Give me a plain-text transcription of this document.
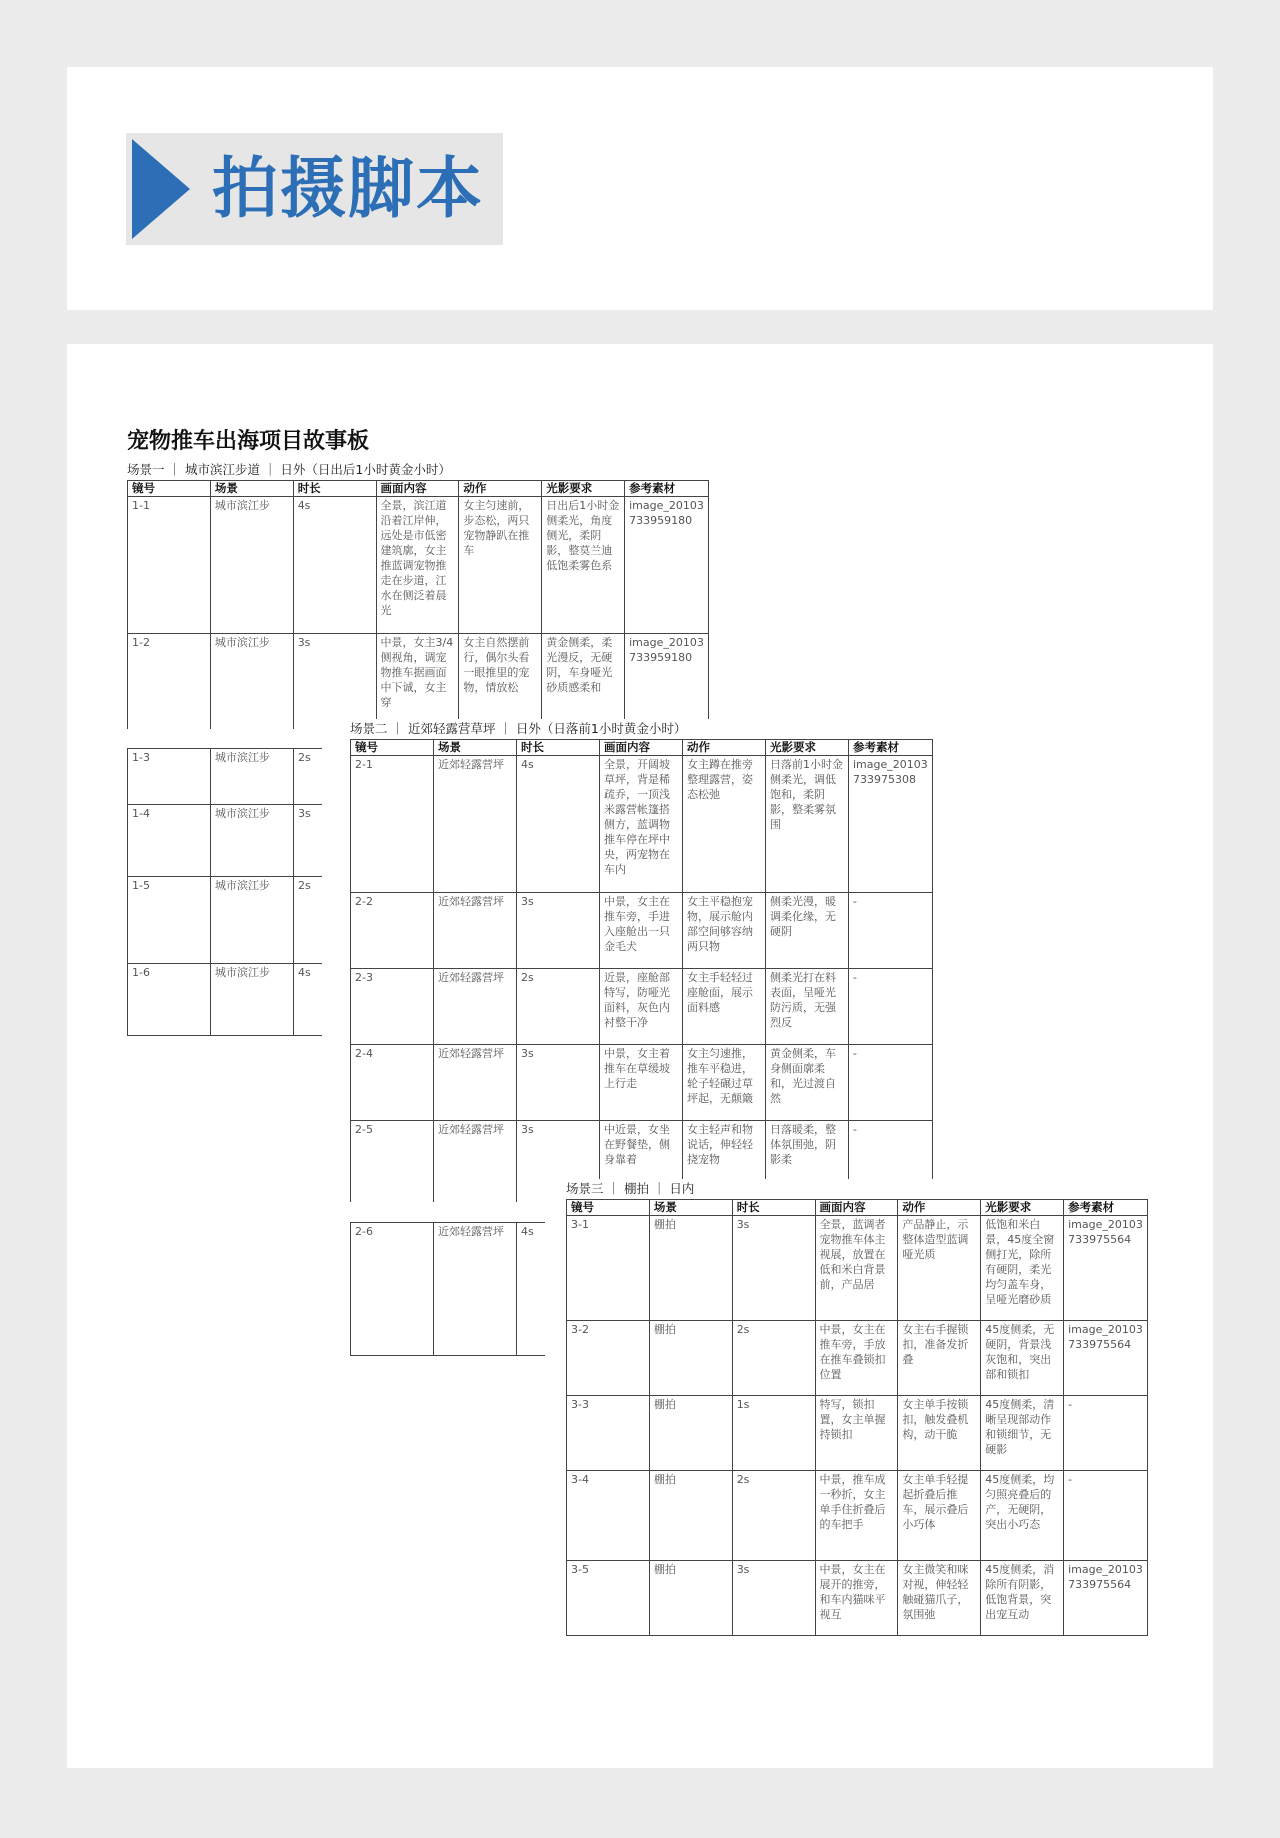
拍摄脚本
宠物推车出海项目故事板
场景一 ｜ 城市滨江步道 ｜ 日外（日出后1小时黄金小时）
镜号	场景	时长	画面内容	动作	光影要求	参考素材

1-1	城市滨江步	4s	全景，滨江道沿着江岸伸，远处是市低密建筑廓，女主推蓝调宠物推走在步道，江水在侧泛着晨光	女主匀速前，步态松，两只宠物静趴在推车	日出后1小时金侧柔光，角度侧光，柔阴影，整莫兰迪低饱柔雾色系	image_20103733959180

1-2	城市滨江步	3s	中景，女主3/4侧视角，调宠物推车据画面中下诚，女主穿	女主自然摆前行，偶尔头看一眼推里的宠物，情放松	黄金侧柔，柔光漫反，无硬阴，车身哑光砂质感柔和	image_20103733959180
1-3	城市滨江步	2s

1-4	城市滨江步	3s

1-5	城市滨江步	2s

1-6	城市滨江步	4s
场景二 ｜ 近郊轻露营草坪 ｜ 日外（日落前1小时黄金小时）
镜号	场景	时长	画面内容	动作	光影要求	参考素材

2-1	近郊轻露营坪	4s	全景，开阔坡草坪，背是稀疏乔，一顶浅米露营帐篷搭侧方，蓝调物推车停在坪中央，两宠物在车内	女主蹲在推旁整理露营，姿态松弛	日落前1小时金侧柔光，调低饱和，柔阴影，整柔雾氛围	image_20103733975308

2-2	近郊轻露营坪	3s	中景，女主在推车旁，手进入座舱出一只金毛犬	女主平稳抱宠物，展示舱内部空间够容纳两只物	侧柔光漫，暖调柔化缘，无硬阴	-

2-3	近郊轻露营坪	2s	近景，座舱部特写，防哑光面料，灰色内衬整干净	女主手轻轻过座舱面，展示面料感	侧柔光打在料表面，呈哑光防污质，无强烈反	-

2-4	近郊轻露营坪	3s	中景，女主着推车在草缓坡上行走	女主匀速推，推车平稳进，轮子轻碾过草坪起，无颠簸	黄金侧柔，车身侧面廓柔和，光过渡自然	-

2-5	近郊轻露营坪	3s	中近景，女坐在野餐垫，侧身靠着	女主轻声和物说话，伸轻轻挠宠物	日落暖柔，整体氛围弛，阴影柔	-
2-6	近郊轻露营坪	4s
场景三 ｜ 棚拍 ｜ 日内
镜号	场景	时长	画面内容	动作	光影要求	参考素材

3-1	棚拍	3s	全景，蓝调者宠物推车体主视展，放置在低和米白背景前，产品居	产品静止，示整体造型蓝调哑光质	低饱和米白景，45度全窗侧打光，除所有硬阴，柔光均匀盖车身，呈哑光磨砂质	image_20103733975564

3-2	棚拍	2s	中景，女主在推车旁，手放在推车叠锁扣位置	女主右手握锁扣，准备发折叠	45度侧柔，无硬阴，背景浅灰饱和，突出部和锁扣	image_20103733975564

3-3	棚拍	1s	特写，锁扣置，女主单握持锁扣	女主单手按锁扣，触发叠机构，动干脆	45度侧柔，清晰呈现部动作和锁细节，无硬影	-

3-4	棚拍	2s	中景，推车成一秒折，女主单手住折叠后的车把手	女主单手轻提起折叠后推车，展示叠后小巧体	45度侧柔，均匀照亮叠后的产，无硬阴，突出小巧态	-

3-5	棚拍	3s	中景，女主在展开的推旁，和车内猫咪平视互	女主微笑和咪对视，伸轻轻触碰猫爪子，氛围弛	45度侧柔，消除所有阴影，低饱背景，突出宠互动	image_20103733975564
